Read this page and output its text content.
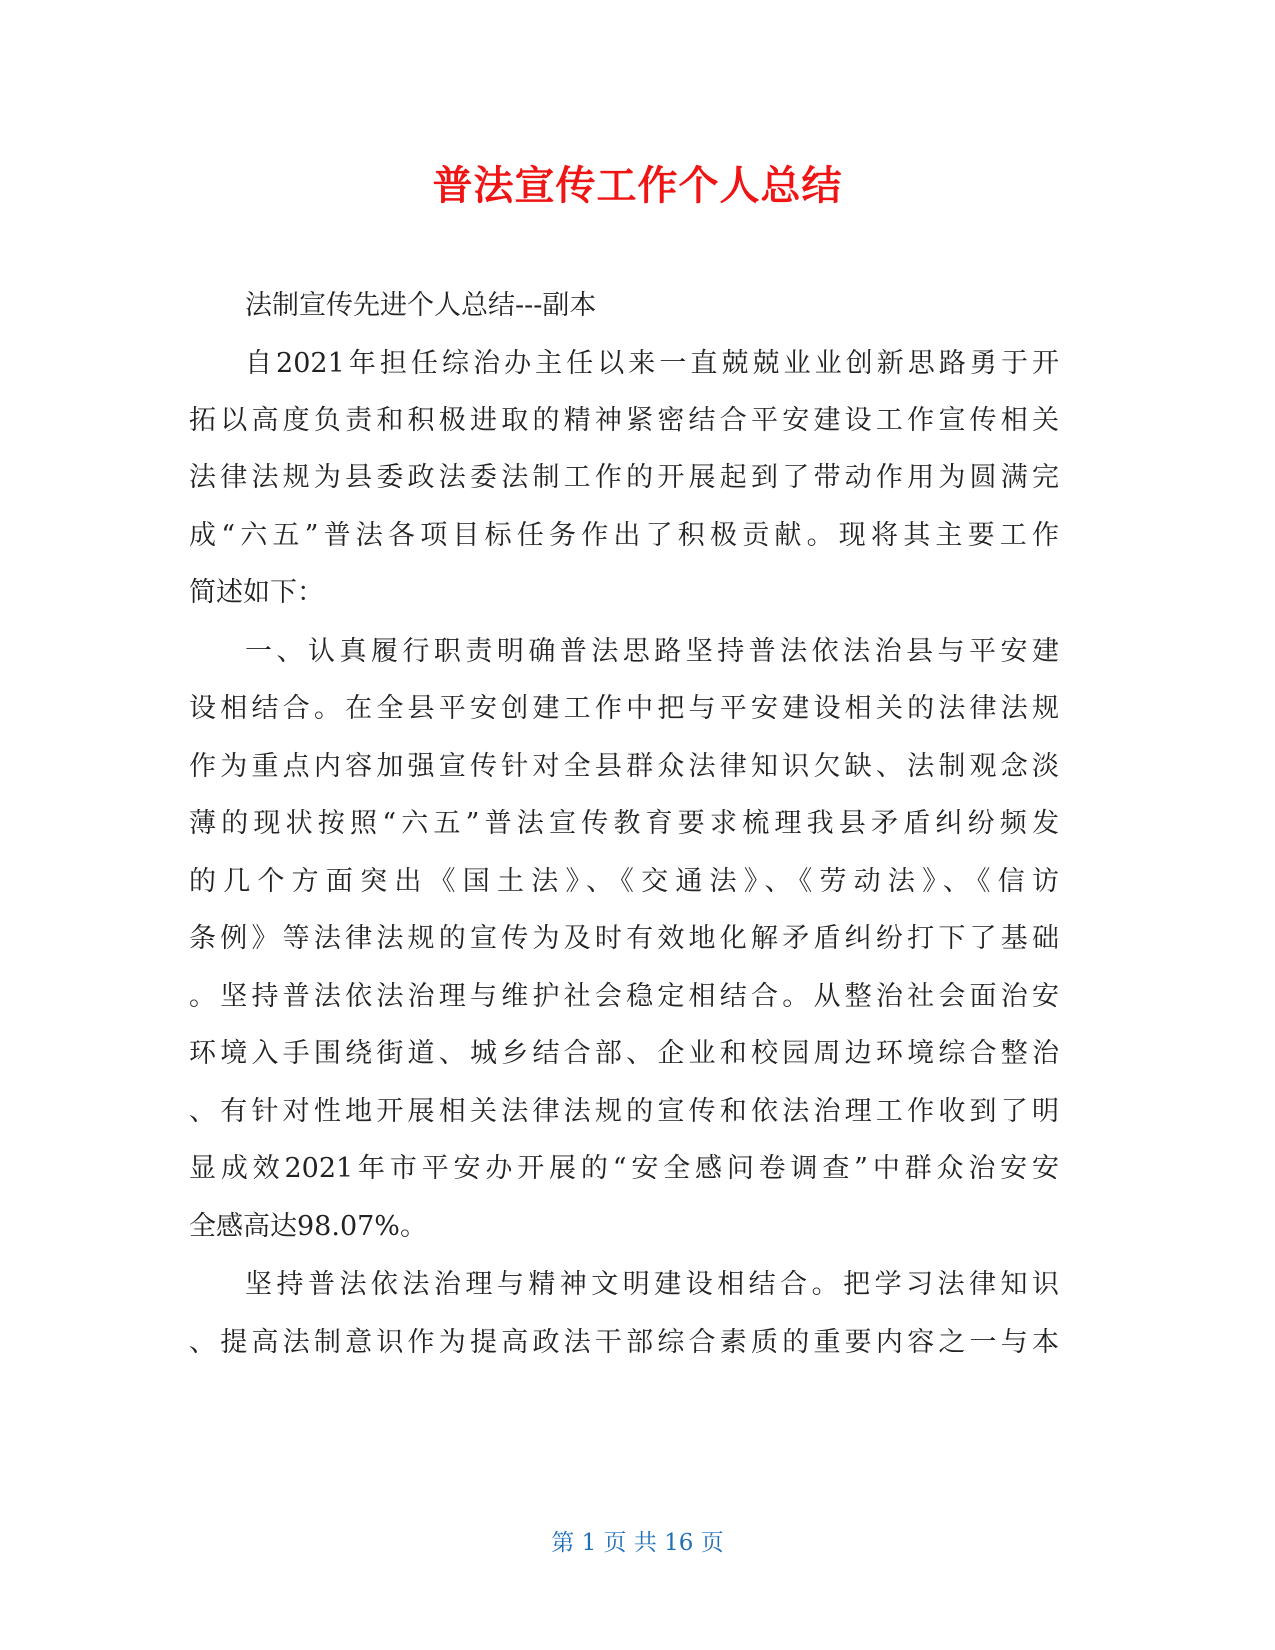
普法宣传工作个人总结
法制宣传先进个人总结---副本
自2021年担任综治办主任以来一直兢兢业业创新思路勇于开
拓以高度负责和积极进取的精神紧密结合平安建设工作宣传相关
法律法规为县委政法委法制工作的开展起到了带动作用为圆满完
成“六五”普法各项目标任务作出了积极贡献。现将其主要工作
简述如下：
一、认真履行职责明确普法思路坚持普法依法治县与平安建
设相结合。在全县平安创建工作中把与平安建设相关的法律法规
作为重点内容加强宣传针对全县群众法律知识欠缺、法制观念淡
薄的现状按照“六五”普法宣传教育要求梳理我县矛盾纠纷频发
的几个方面突出《国土法》、《交通法》、《劳动法》、《信访
条例》等法律法规的宣传为及时有效地化解矛盾纠纷打下了基础
。坚持普法依法治理与维护社会稳定相结合。从整治社会面治安
环境入手围绕街道、城乡结合部、企业和校园周边环境综合整治
、有针对性地开展相关法律法规的宣传和依法治理工作收到了明
显成效2021年市平安办开展的“安全感问卷调查”中群众治安安
全感高达98.07%。
坚持普法依法治理与精神文明建设相结合。把学习法律知识
、提高法制意识作为提高政法干部综合素质的重要内容之一与本
第 1 页 共 16 页
